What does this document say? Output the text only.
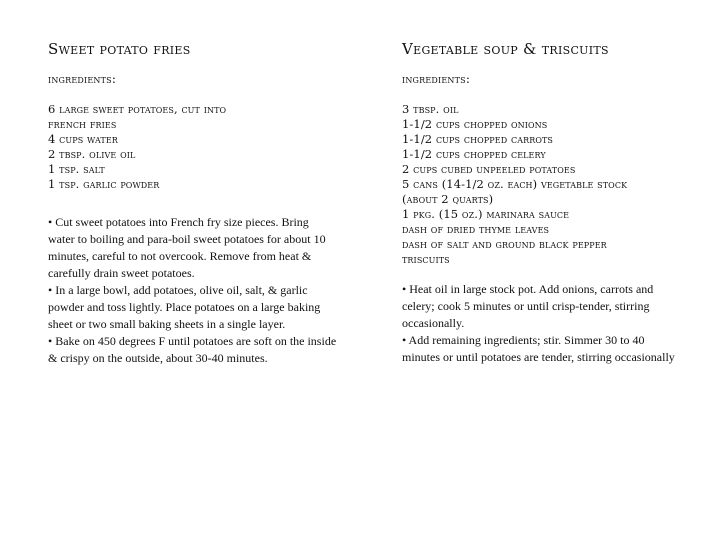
Sweet potato fries
ingredients:
6 large sweet potatoes, cut into
french fries
4 cups water
2 tbsp. olive oil
1 tsp. salt
1 tsp. garlic powder

• Cut sweet potatoes into French fry size pieces. Bring water to boiling and para-boil sweet potatoes for about 10 minutes, careful to not overcook. Remove from heat & carefully drain sweet potatoes.

• In a large bowl, add potatoes, olive oil, salt, & garlic powder and toss lightly. Place potatoes on a large baking sheet or two small baking sheets in a single layer.

• Bake on 450 degrees F until potatoes are soft on the inside & crispy on the outside, about 30-40 minutes.

Vegetable soup & triscuits
ingredients:
3 tbsp. oil
1-1/2 cups chopped onions
1-1/2 cups chopped carrots
1-1/2 cups chopped celery
2 cups cubed unpeeled potatoes
5 cans (14-1/2 oz. each) vegetable stock
(about 2 quarts)
1 pkg. (15 oz.) marinara sauce
dash of dried thyme leaves
dash of salt and ground black pepper
triscuits

• Heat oil in large stock pot. Add onions, carrots and celery; cook 5 minutes or until crisp-tender, stirring occasionally.

• Add remaining ingredients; stir. Simmer 30 to 40 minutes or until potatoes are tender, stirring occasionally
